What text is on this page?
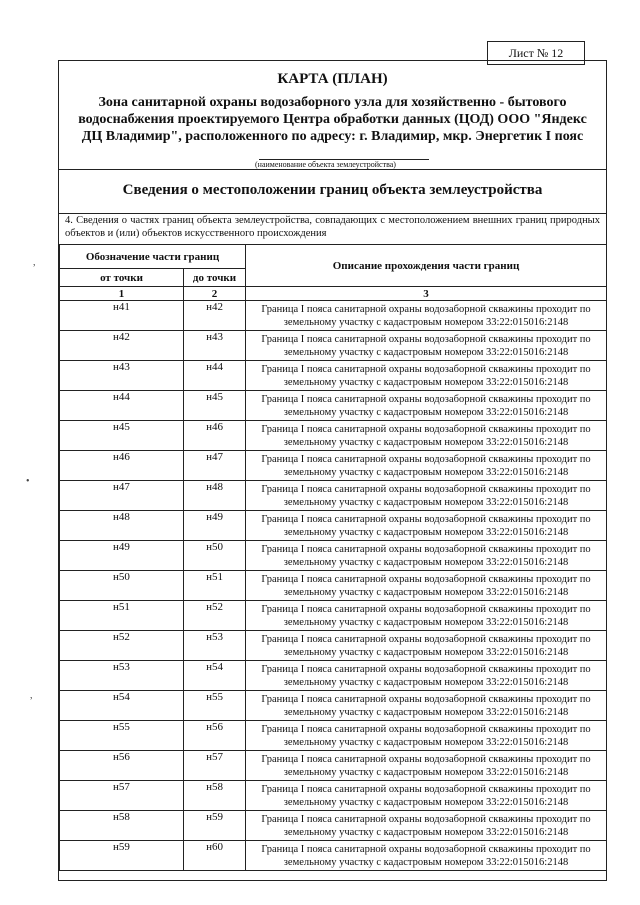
Лист № 12
КАРТА (ПЛАН)
Зона санитарной охраны водозаборного узла для хозяйственно - бытового водоснабжения проектируемого Центра обработки данных (ЦОД) ООО "Яндекс ДЦ Владимир", расположенного по адресу: г. Владимир, мкр. Энергетик I пояс
(наименование объекта землеустройства)
Сведения о местоположении границ объекта землеустройства
4. Сведения о частях границ объекта землеустройства, совпадающих с местоположением внешних границ природных объектов и (или) объектов искусственного происхождения
Обозначение части границ		Описание прохождения части границ
от точки	до точки	
1	2	3
н41	н42	Граница I пояса санитарной охраны водозаборной скважины проходит по земельному участку с кадастровым номером 33:22:015016:2148
н42	н43	Граница I пояса санитарной охраны водозаборной скважины проходит по земельному участку с кадастровым номером 33:22:015016:2148
н43	н44	Граница I пояса санитарной охраны водозаборной скважины проходит по земельному участку с кадастровым номером 33:22:015016:2148
н44	н45	Граница I пояса санитарной охраны водозаборной скважины проходит по земельному участку с кадастровым номером 33:22:015016:2148
н45	н46	Граница I пояса санитарной охраны водозаборной скважины проходит по земельному участку с кадастровым номером 33:22:015016:2148
н46	н47	Граница I пояса санитарной охраны водозаборной скважины проходит по земельному участку с кадастровым номером 33:22:015016:2148
н47	н48	Граница I пояса санитарной охраны водозаборной скважины проходит по земельному участку с кадастровым номером 33:22:015016:2148
н48	н49	Граница I пояса санитарной охраны водозаборной скважины проходит по земельному участку с кадастровым номером 33:22:015016:2148
н49	н50	Граница I пояса санитарной охраны водозаборной скважины проходит по земельному участку с кадастровым номером 33:22:015016:2148
н50	н51	Граница I пояса санитарной охраны водозаборной скважины проходит по земельному участку с кадастровым номером 33:22:015016:2148
н51	н52	Граница I пояса санитарной охраны водозаборной скважины проходит по земельному участку с кадастровым номером 33:22:015016:2148
н52	н53	Граница I пояса санитарной охраны водозаборной скважины проходит по земельному участку с кадастровым номером 33:22:015016:2148
н53	н54	Граница I пояса санитарной охраны водозаборной скважины проходит по земельному участку с кадастровым номером 33:22:015016:2148
н54	н55	Граница I пояса санитарной охраны водозаборной скважины проходит по земельному участку с кадастровым номером 33:22:015016:2148
н55	н56	Граница I пояса санитарной охраны водозаборной скважины проходит по земельному участку с кадастровым номером 33:22:015016:2148
н56	н57	Граница I пояса санитарной охраны водозаборной скважины проходит по земельному участку с кадастровым номером 33:22:015016:2148
н57	н58	Граница I пояса санитарной охраны водозаборной скважины проходит по земельному участку с кадастровым номером 33:22:015016:2148
н58	н59	Граница I пояса санитарной охраны водозаборной скважины проходит по земельному участку с кадастровым номером 33:22:015016:2148
н59	н60	Граница I пояса санитарной охраны водозаборной скважины проходит по земельному участку с кадастровым номером 33:22:015016:2148
,
•
,
